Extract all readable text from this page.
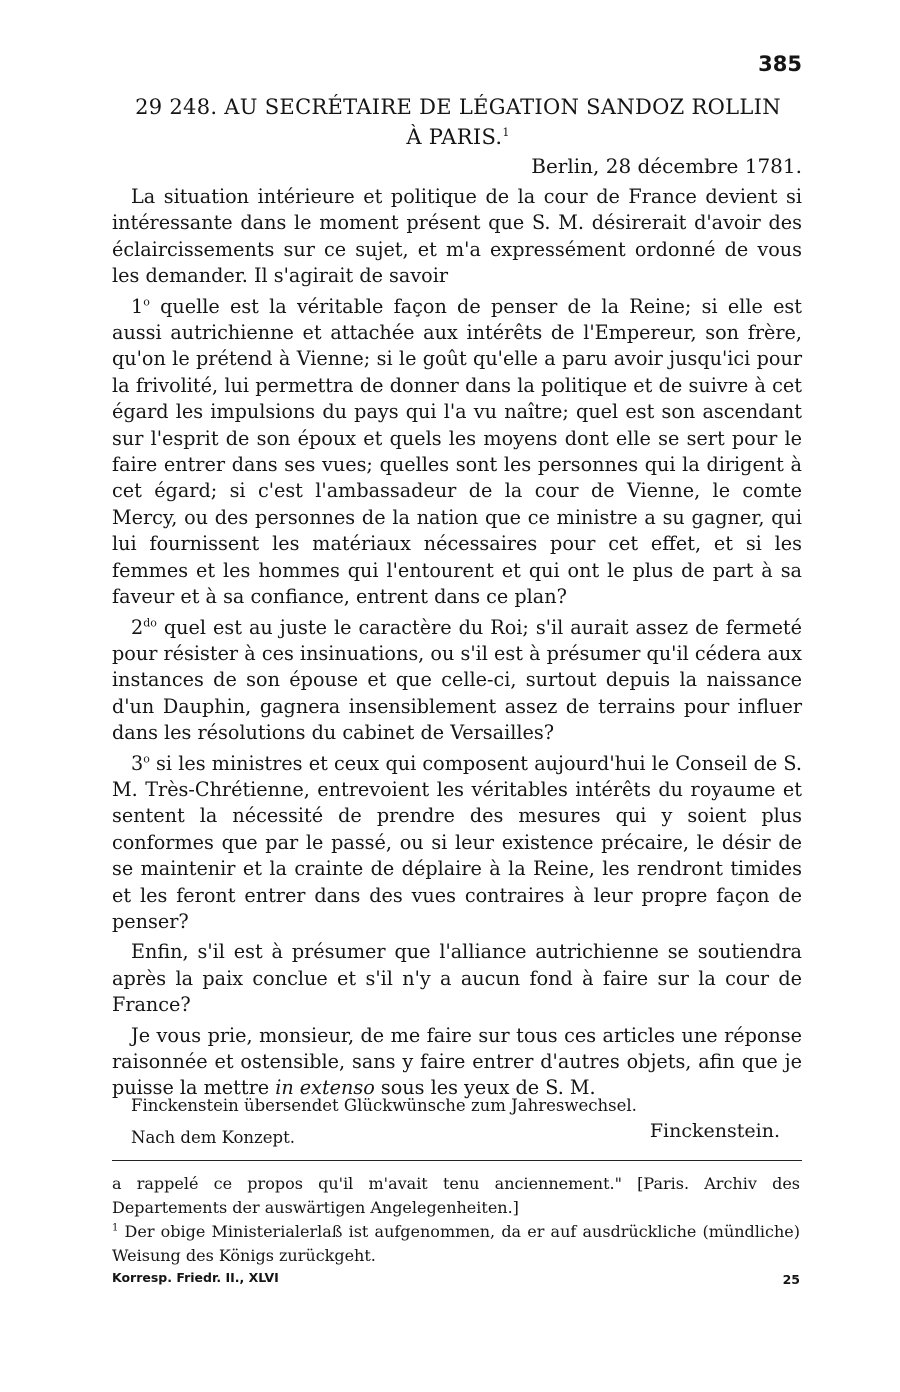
385
29 248. AU SECRÉTAIRE DE LÉGATION SANDOZ ROLLIN
À PARIS.$^1$
Berlin, 28 décembre 1781.

La situation intérieure et politique de la cour de France devient si intéressante dans le moment présent que S. M. désirerait d'avoir des éclaircissements sur ce sujet, et m'a expressément ordonné de vous les demander. Il s'agirait de savoir

1$^o$ quelle est la véritable façon de penser de la Reine; si elle est aussi autrichienne et attachée aux intérêts de l'Empereur, son frère, qu'on le prétend à Vienne; si le goût qu'elle a paru avoir jusqu'ici pour la frivolité, lui permettra de donner dans la politique et de suivre à cet égard les impulsions du pays qui l'a vu naître; quel est son ascendant sur l'esprit de son époux et quels les moyens dont elle se sert pour le faire entrer dans ses vues; quelles sont les personnes qui la dirigent à cet égard; si c'est l'ambassadeur de la cour de Vienne, le comte Mercy, ou des personnes de la nation que ce ministre a su gagner, qui lui fournissent les matériaux nécessaires pour cet effet, et si les femmes et les hommes qui l'entourent et qui ont le plus de part à sa faveur et à sa confiance, entrent dans ce plan?

$2^{do}$ quel est au juste le caractère du Roi; s'il aurait assez de fermeté pour résister à ces insinuations, ou s'il est à présumer qu'il cédera aux instances de son épouse et que celle-ci, surtout depuis la naissance d'un Dauphin, gagnera insensiblement assez de terrains pour influer dans les résolutions du cabinet de Versailles?

3$^o$ si les ministres et ceux qui composent aujourd'hui le Conseil de S. M. Très-Chrétienne, entrevoient les véritables intérêts du royaume et sentent la nécessité de prendre des mesures qui y soient plus conformes que par le passé, ou si leur existence précaire, le désir de se maintenir et la crainte de déplaire à la Reine, les rendront timides et les feront entrer dans des vues contraires à leur propre façon de penser?

Enfin, s'il est à présumer que l'alliance autrichienne se soutiendra après la paix conclue et s'il n'y a aucun fond à faire sur la cour de France?

Je vous prie, monsieur, de me faire sur tous ces articles une réponse raisonnée et ostensible, sans y faire entrer d'autres objets, afin que je puisse la mettre in extenso sous les yeux de S. M.

Finckenstein übersendet Glückwünsche zum Jahreswechsel.
Nach dem Konzept.	Finckenstein.

a rappelé ce propos qu'il m'avait tenu anciennement." [Paris. Archiv des Departements der auswärtigen Angelegenheiten.]

$^1$ Der obige Ministerialerlaß ist aufgenommen, da er auf ausdrückliche (mündliche) Weisung des Königs zurückgeht.

Korresp. Friedr. II., XLVI	25
